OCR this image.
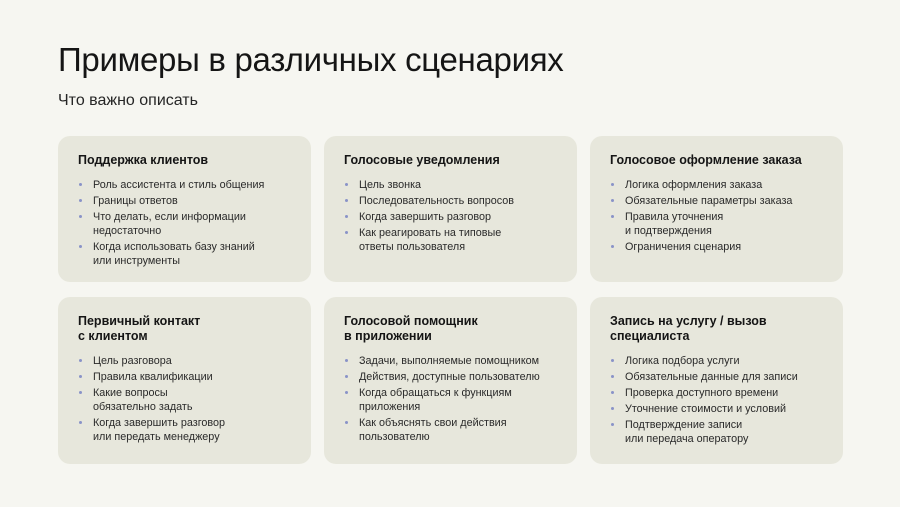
Примеры в различных сценариях

Что важно описать

Поддержка клиентов
Роль ассистента и стиль общения
Границы ответов
Что делать, если информации
недостаточно
Когда использовать базу знаний
или инструменты
Голосовые уведомления
Цель звонка
Последовательность вопросов
Когда завершить разговор
Как реагировать на типовые
ответы пользователя
Голосовое оформление заказа
Логика оформления заказа
Обязательные параметры заказа
Правила уточнения
и подтверждения
Ограничения сценария
Первичный контакт
с клиентом
Цель разговора
Правила квалификации
Какие вопросы
обязательно задать
Когда завершить разговор
или передать менеджеру
Голосовой помощник
в приложении
Задачи, выполняемые помощником
Действия, доступные пользователю
Когда обращаться к функциям
приложения
Как объяснять свои действия
пользователю
Запись на услугу / вызов
специалиста
Логика подбора услуги
Обязательные данные для записи
Проверка доступного времени
Уточнение стоимости и условий
Подтверждение записи
или передача оператору
